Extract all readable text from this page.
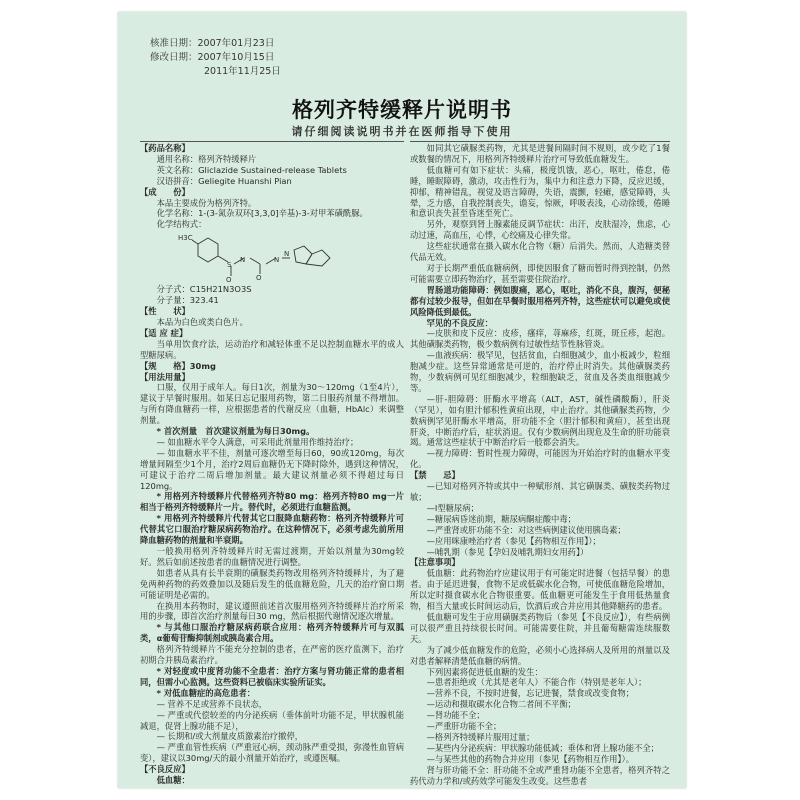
核准日期：2007年01月23日
修改日期：2007年10月15日
2011年11月25日
格列齐特缓释片说明书
请仔细阅读说明书并在医师指导下使用

【药品名称】

通用名称：格列齐特缓释片

英文名称：Gliclazide Sustained-release Tablets

汉语拼音：Geliegite Huanshi Pian

【成　　份】

本品主要成份为格列齐特。

化学名称：1-(3-氮杂双环[3,3,0]辛基)-3-对甲苯磺酰脲。

化学结构式：

H3C
S
O
N
O
N
N

分子式：C15H21N3O3S

分子量：323.41

【性　　状】

本品为白色或类白色片。

【适 应 症】

当单用饮食疗法，运动治疗和减轻体重不足以控制血糖水平的成人型糖尿病。

【规　　格】30mg

【用法用量】

口服，仅用于成年人。每日1次，剂量为30～120mg（1至4片），建议于早餐时服用。如某日忘记服用药物，第二日服药剂量不得增加。与所有降血糖药一样，应根据患者的代谢反应（血糖，HbAlc）来调整剂量。

* 首次剂量　首次建议剂量为每日30mg。

— 如血糖水平令人满意，可采用此剂量用作维持治疗；

— 如血糖水平不佳，剂量可逐次增至每日60，90或120mg，每次增量间隔至少1个月，治疗2周后血糖仍无下降时除外，遇到这种情况，可建议于治疗二周后增加剂量。最大建议剂量必须不得超过每日120mg。

* 用格列齐特缓释片代替格列齐特80 mg：格列齐特80 mg一片相当于格列齐特缓释片一片。替代时，必须进行血糖监测。

* 用格列齐特缓释片代替其它口服降血糖药物：格列齐特缓释片可代替其它口服治疗糖尿病药物治疗。在这种情况下，必须考虑先前所用降血糖药物的剂量和半衰期。

一般换用格列齐特缓释片时无需过渡期，开始以剂量为30mg较好。然后如前述按患者的血糖情况进行调整。

如患者从具有长半衰期的磺脲类药物改用格列齐特缓释片，为了避免两种药物的药效叠加以及随后发生的低血糖危险，几天的治疗窗口期可能证明是必需的。

在换用本药物时，建议遵照前述首次服用格列齐特缓释片治疗所采用的步骤，即首次治疗剂量每日30 mg，然后根据代谢情况逐次增量。

* 与其他口服治疗糖尿病药联合应用：格列齐特缓释片可与双胍类，α葡萄苷酶抑制剂或胰岛素合用。

格列齐特缓释片不能充分控制的患者，在严密的医疗监测下，治疗初期合并胰岛素治疗。

* 对轻度或中度肾功能不全患者：治疗方案与肾功能正常的患者相同，但需小心监测。这些资料已被临床实验所证实。

* 对低血糖症的高危患者：

— 营养不足或营养不良状态，

— 严重或代偿较差的内分泌疾病（垂体前叶功能不足，甲状腺机能减退，促肾上腺功能不足），

— 长期和/或大剂量皮质激素治疗撤停，

— 严重血管性疾病（严重冠心病，颈动脉严重受损，弥漫性血管病变），建议以30mg/天的最小剂量开始治疗，或遵医嘱。

【不良反应】

低血糖：

如同其它磺脲类药物，尤其是进餐间隔时间不规则，或少吃了1餐或数餐的情况下，用格列齐特缓释片治疗可导致低血糖发生。

低血糖可有如下症状：头痛，极度饥饿，恶心，呕吐，倦怠，倦睡，睡眠障碍，激动，攻击性行为，集中力和注意力下降，反应迟缓，抑郁，精神错乱，视觉及语言障碍，失语，震颤，轻瘫，感觉障碍，头晕，乏力感，自我控制丧失，谵妄，惊厥，呼吸表浅，心动徐缓，倦睡和意识丧失甚至昏迷至死亡。

另外，观察到肾上腺素能反调节症状：出汗，皮肤湿冷，焦虑，心动过速，高血压，心悸，心绞痛及心律失常。

这些症状通常在摄入碳水化合物（糖）后消失。然而，人造糖类替代品无效。

对于长期严重低血糖病例，即使因服食了糖而暂时得到控制，仍然可能需要立即药物治疗，甚至需要住院治疗。

胃肠道功能障碍：例如腹痛，恶心，呕吐，消化不良，腹泻，便秘都有过较少报导，但如在早餐时服用格列齐特，这些症状可以避免或使风险降低到最低。

罕见的不良反应：

—皮肤和皮下反应：皮疹，瘙痒，荨麻疹，红斑，斑丘疹，起泡。其他磺脲类药物，极少数病例有过敏性结节性脉管炎。

—血液疾病：极罕见，包括贫血，白细胞减少，血小板减少，粒细胞减少症。这些异常通常是可逆的，治疗停止时消失。其他磺脲类药物，少数病例可见红细胞减少，粒细胞缺乏，贫血及各类血细胞减少等。

—肝-胆障碍：肝酶水平增高（ALT，AST，碱性磷酸酶），肝炎（罕见），如有胆汁郁积性黄疸出现，中止治疗。其他磺脲类药物，少数病例罕见肝酶水平增高，肝功能不全（胆汁郁积和黄疸），甚至出现肝炎，中断治疗后，症状消退。仅有少数病例出现危及生命的肝功能衰竭。通常这些症状于中断治疗后一般都会消失。

—视力障碍：暂时性视力障碍，可能因为开始治疗时的血糖水平变化。

【禁　　忌】

—已知对格列齐特或其中一种赋形剂、其它磺脲类、磺胺类药物过敏；

—I型糖尿病；

—糖尿病昏迷前期，糖尿病酮症酸中毒；

—严重肾或肝功能不全：对这些病例建议使用胰岛素；

—应用咪康唑治疗者（参见【药物相互作用】）；

—哺乳期（参见【孕妇及哺乳期妇女用药】）

【注意事项】

低血糖：此药物治疗应建议用于有可能定时进餐（包括早餐）的患者。由于延迟进餐，食物不足或低碳水化合物，可使低血糖危险增加，所以定时摄食碳水化合物很重要。低血糖更可能发生于食用低热量食物，相当大量或长时间运动后，饮酒后或合并应用其他降糖药的患者。

低血糖可发生于应用磺脲类药物后（参见【不良反应】），有些病例可以很严重且持续很长时间。可能需要住院，并且葡萄糖需连续服数天。

为了减少低血糖发作的危险，必须小心选择病人及所用的剂量以及对患者解释清楚低血糖的病情。

下列因素将促进低血糖的发生：

—患者拒绝或（尤其是老年人）不能合作（特别是老年人）；

—营养不良，不按时进餐，忘记进餐，禁食或改变食物；

—运动和摄取碳水化合物二者间不平衡；

—肾功能不全；

—严重肝功能不全；

—格列齐特缓释片服用过量；

—某些内分泌疾病：甲状腺功能低减；垂体和肾上腺功能不全；

—与某些其他的药物合并应用（参见【药物相互作用】）。

肾与肝功能不全：肝功能不全或严重肾功能不全患者，格列齐特之药代动力学和/或药效学可能发生改变。这些患者
